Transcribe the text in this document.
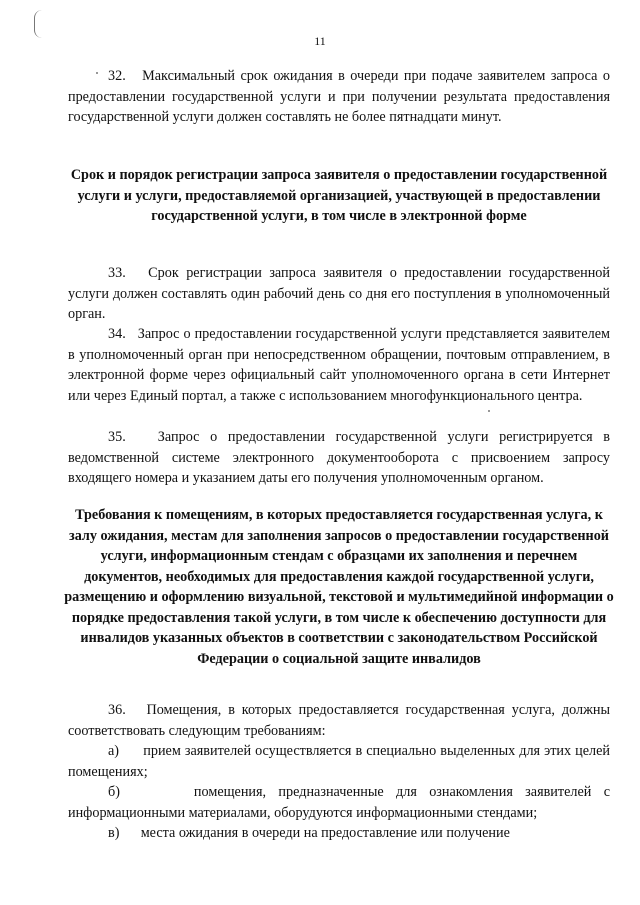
11
32.   Максимальный срок ожидания в очереди при подаче заявителем запроса о предоставлении государственной услуги и при получении результата предоставления государственной услуги должен составлять не более пятнадцати минут.
Срок и порядок регистрации запроса заявителя о предоставлении государственной услуги и услуги, предоставляемой организацией, участвующей в предоставлении государственной услуги, в том числе в электронной форме
33.   Срок регистрации запроса заявителя о предоставлении государственной услуги должен составлять один рабочий день со дня его поступления в уполномоченный орган.
34.   Запрос о предоставлении государственной услуги представляется заявителем в уполномоченный орган при непосредственном обращении, почтовым отправлением, в электронной форме через официальный сайт уполномоченного органа в сети Интернет или через Единый портал, а также с использованием многофункционального центра.
35.   Запрос о предоставлении государственной услуги регистрируется в ведомственной системе электронного документооборота с присвоением запросу входящего номера и указанием даты его получения уполномоченным органом.
Требования к помещениям, в которых предоставляется государственная услуга, к залу ожидания, местам для заполнения запросов о предоставлении государственной услуги, информационным стендам с образцами их заполнения и перечнем документов, необходимых для предоставления каждой государственной услуги, размещению и оформлению визуальной, текстовой и мультимедийной информации о порядке предоставления такой услуги, в том числе к обеспечению доступности для инвалидов указанных объектов в соответствии с законодательством Российской Федерации о социальной защите инвалидов
36.   Помещения, в которых предоставляется государственная услуга, должны соответствовать следующим требованиям:
а)      прием заявителей осуществляется в специально выделенных для этих целей помещениях;
б)      помещения, предназначенные для ознакомления заявителей с информационными материалами, оборудуются информационными стендами;
в)      места ожидания в очереди на предоставление или получение
